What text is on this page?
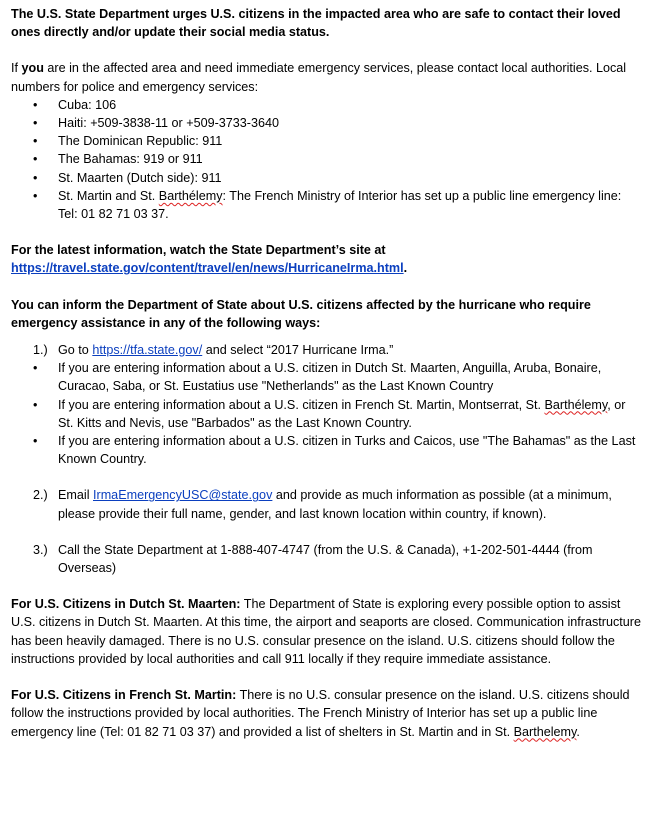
The U.S. State Department urges U.S. citizens in the impacted area who are safe to contact their loved ones directly and/or update their social media status.

If you are in the affected area and need immediate emergency services, please contact local authorities. Local numbers for police and emergency services:

• Cuba: 106
• Haiti: +509-3838-11 or +509-3733-3640
• The Dominican Republic: 911
• The Bahamas: 919 or 911
• St. Maarten (Dutch side): 911
• St. Martin and St. Barthélemy: The French Ministry of Interior has set up a public line emergency line: Tel: 01 82 71 03 37.

For the latest information, watch the State Department’s site at
https://travel.state.gov/content/travel/en/news/HurricaneIrma.html.

You can inform the Department of State about U.S. citizens affected by the hurricane who require emergency assistance in any of the following ways:

1.) Go to https://tfa.state.gov/ and select “2017 Hurricane Irma.”
• If you are entering information about a U.S. citizen in Dutch St. Maarten, Anguilla, Aruba, Bonaire, Curacao, Saba, or St. Eustatius use "Netherlands" as the Last Known Country
• If you are entering information about a U.S. citizen in French St. Martin, Montserrat, St. Barthélemy, or St. Kitts and Nevis, use "Barbados" as the Last Known Country.
• If you are entering information about a U.S. citizen in Turks and Caicos, use "The Bahamas" as the Last Known Country.
2.) Email IrmaEmergencyUSC@state.gov and provide as much information as possible (at a minimum, please provide their full name, gender, and last known location within country, if known).
3.) Call the State Department at 1-888-407-4747 (from the U.S. & Canada), +1-202-501-4444 (from Overseas)

For U.S. Citizens in Dutch St. Maarten: The Department of State is exploring every possible option to assist U.S. citizens in Dutch St. Maarten. At this time, the airport and seaports are closed. Communication infrastructure has been heavily damaged. There is no U.S. consular presence on the island. U.S. citizens should follow the instructions provided by local authorities and call 911 locally if they require immediate assistance.

For U.S. Citizens in French St. Martin: There is no U.S. consular presence on the island. U.S. citizens should follow the instructions provided by local authorities. The French Ministry of Interior has set up a public line emergency line (Tel: 01 82 71 03 37) and provided a list of shelters in St. Martin and in St. Barthelemy.
